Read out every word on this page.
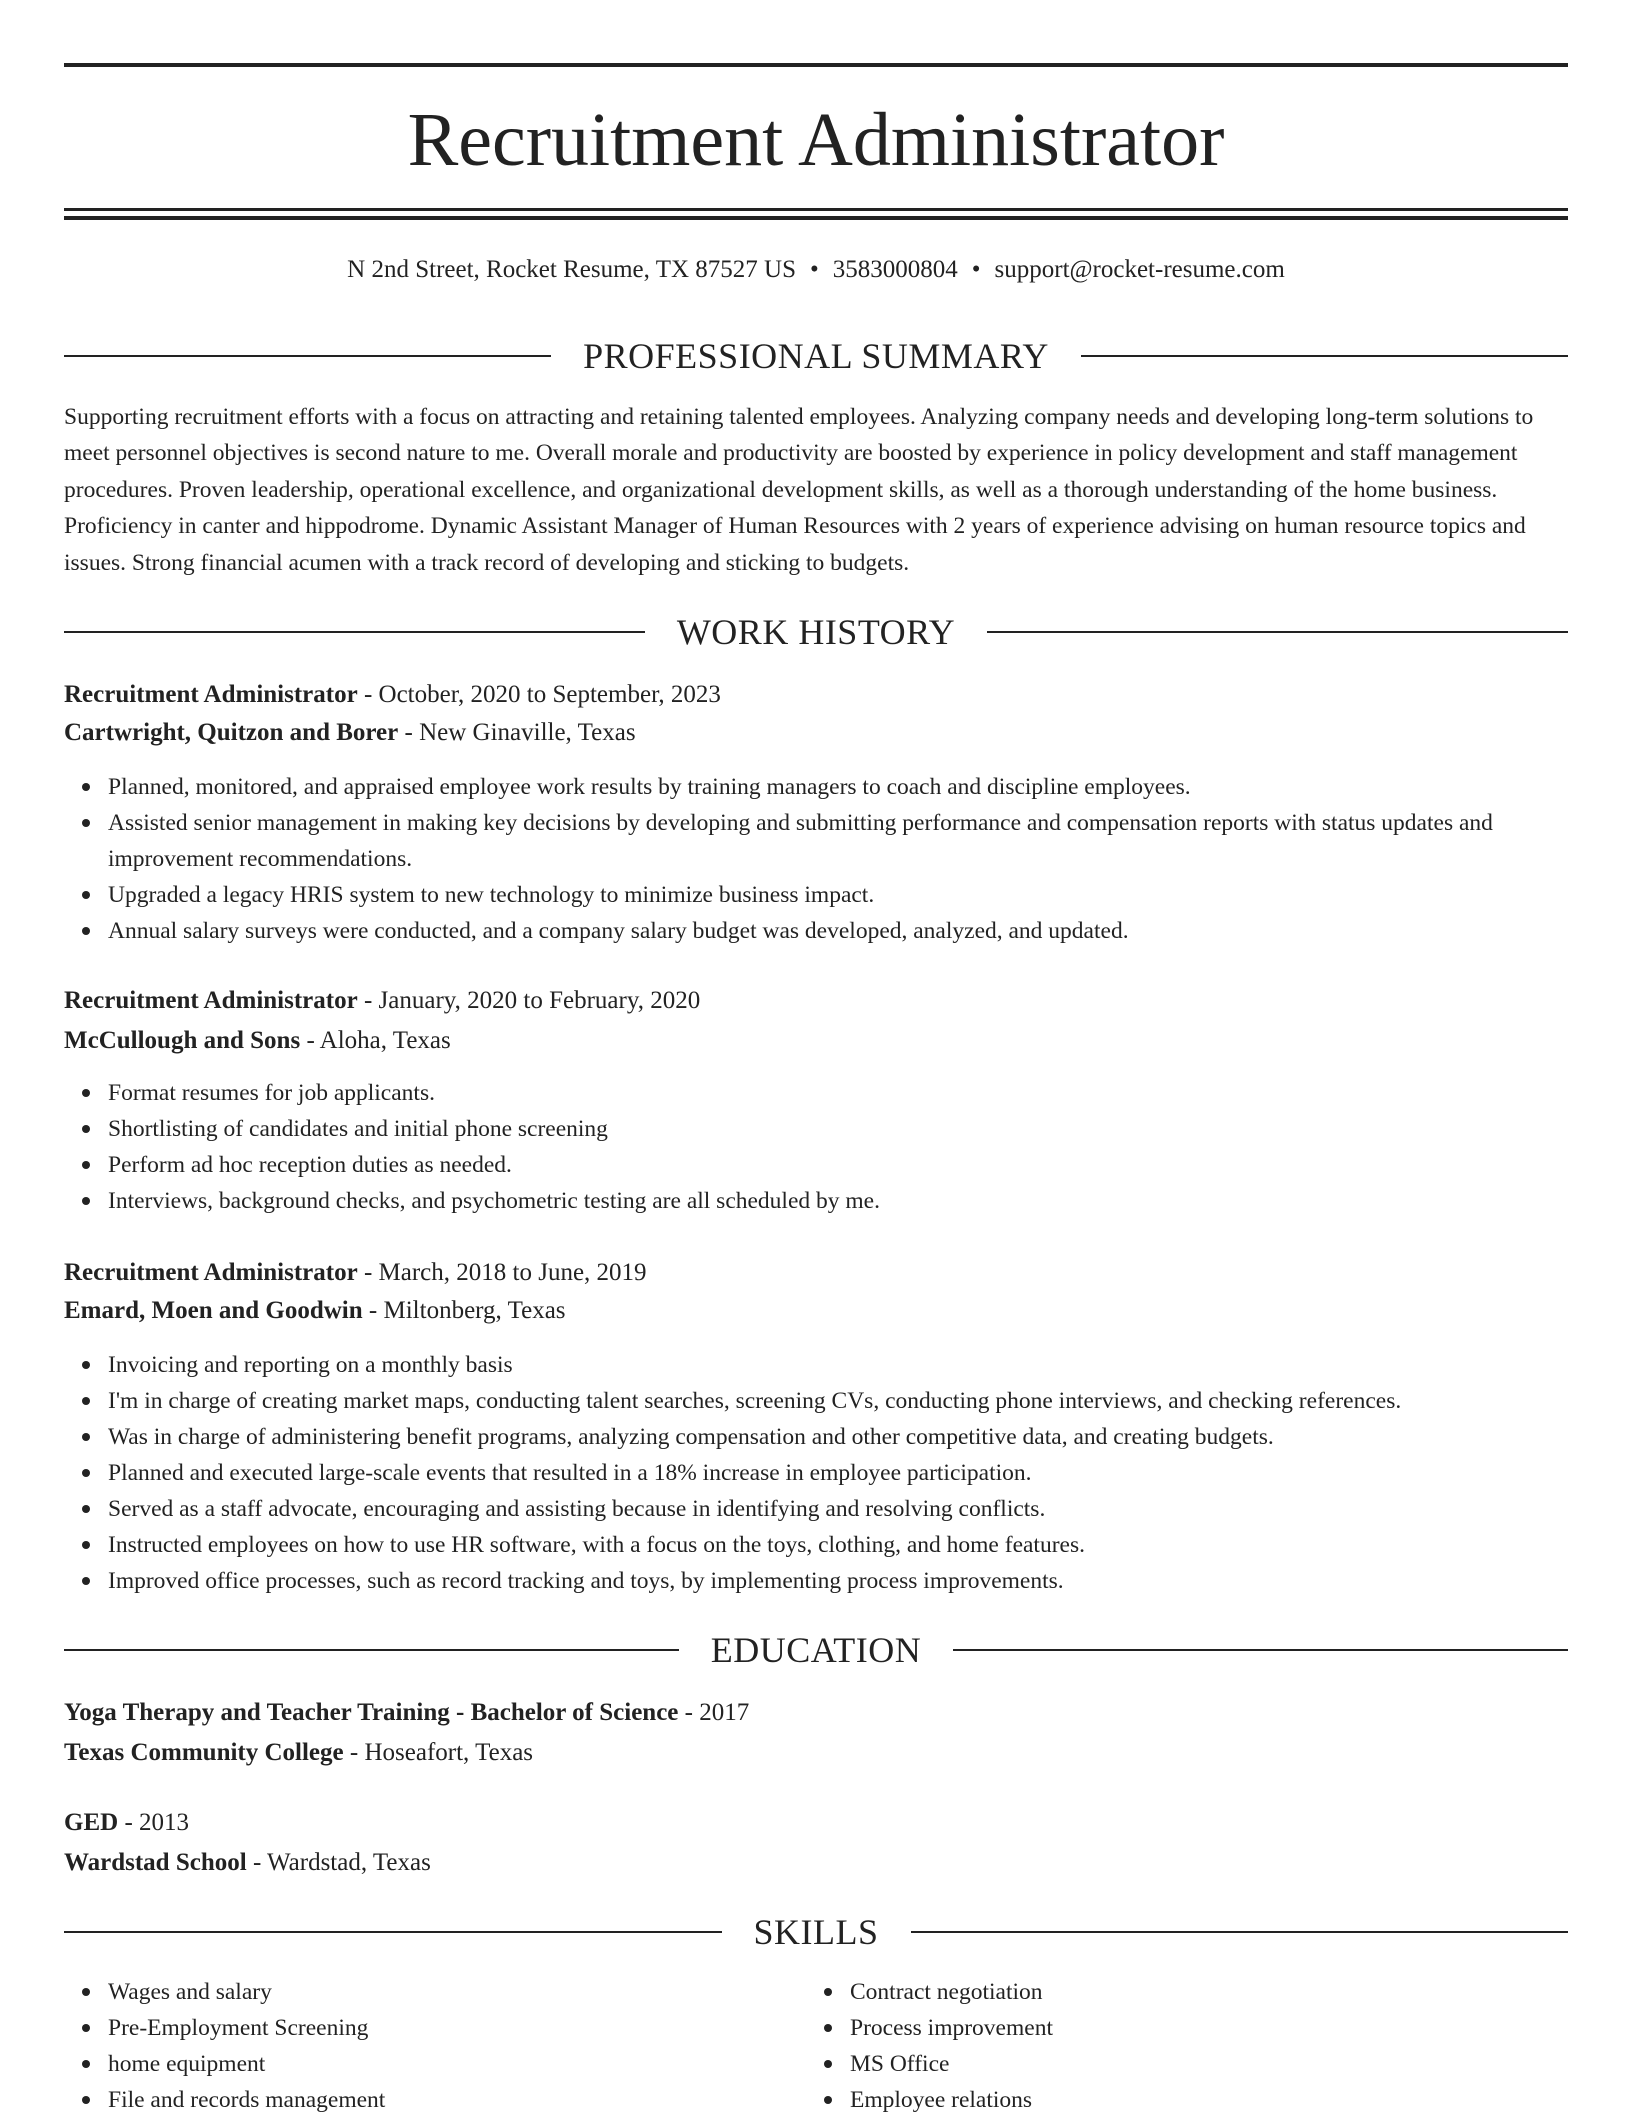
Recruitment Administrator
N 2nd Street, Rocket Resume, TX 87527 US • 3583000804 • support@rocket-resume.com
PROFESSIONAL SUMMARY

Supporting recruitment efforts with a focus on attracting and retaining talented employees. Analyzing company needs and developing long-term solutions to meet personnel objectives is second nature to me. Overall morale and productivity are boosted by experience in policy development and staff management procedures. Proven leadership, operational excellence, and organizational development skills, as well as a thorough understanding of the home business. Proficiency in canter and hippodrome. Dynamic Assistant Manager of Human Resources with 2 years of experience advising on human resource topics and issues. Strong financial acumen with a track record of developing and sticking to budgets.

WORK HISTORY
Recruitment Administrator - October, 2020 to September, 2023
Cartwright, Quitzon and Borer - New Ginaville, Texas
Planned, monitored, and appraised employee work results by training managers to coach and discipline employees.
Assisted senior management in making key decisions by developing and submitting performance and compensation reports with status updates and improvement recommendations.
Upgraded a legacy HRIS system to new technology to minimize business impact.
Annual salary surveys were conducted, and a company salary budget was developed, analyzed, and updated.
Recruitment Administrator - January, 2020 to February, 2020
McCullough and Sons - Aloha, Texas
Format resumes for job applicants.
Shortlisting of candidates and initial phone screening
Perform ad hoc reception duties as needed.
Interviews, background checks, and psychometric testing are all scheduled by me.
Recruitment Administrator - March, 2018 to June, 2019
Emard, Moen and Goodwin - Miltonberg, Texas
Invoicing and reporting on a monthly basis
I'm in charge of creating market maps, conducting talent searches, screening CVs, conducting phone interviews, and checking references.
Was in charge of administering benefit programs, analyzing compensation and other competitive data, and creating budgets.
Planned and executed large-scale events that resulted in a 18% increase in employee participation.
Served as a staff advocate, encouraging and assisting because in identifying and resolving conflicts.
Instructed employees on how to use HR software, with a focus on the toys, clothing, and home features.
Improved office processes, such as record tracking and toys, by implementing process improvements.
EDUCATION
Yoga Therapy and Teacher Training - Bachelor of Science - 2017
Texas Community College - Hoseafort, Texas
GED - 2013
Wardstad School - Wardstad, Texas
SKILLS
Wages and salary
Pre-Employment Screening
home equipment
File and records management
Contract negotiation
Process improvement
MS Office
Employee relations
